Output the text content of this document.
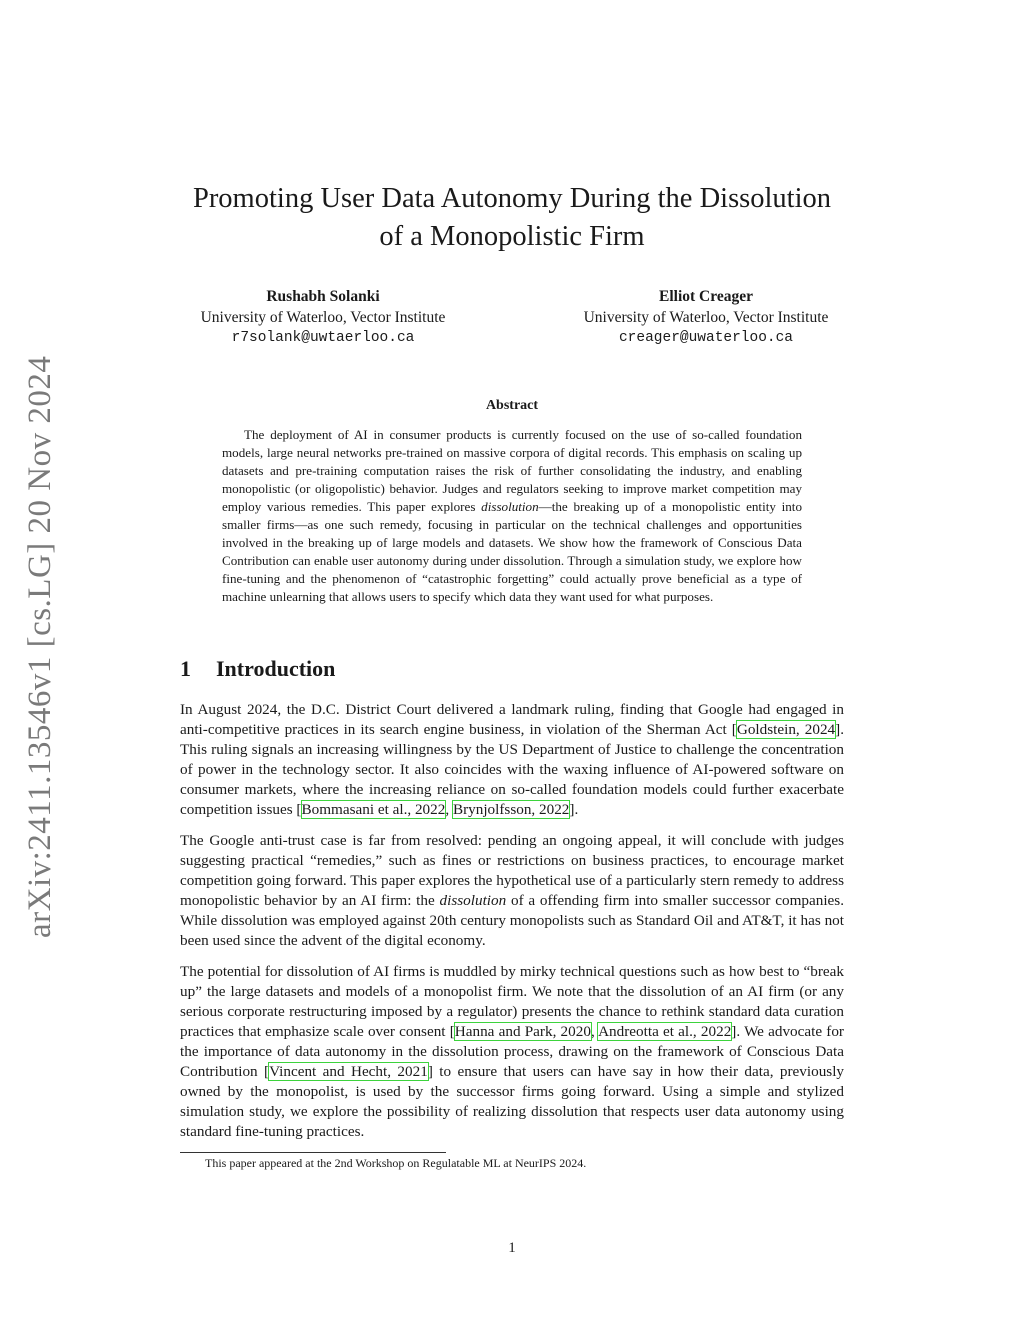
arXiv:2411.13546v1 [cs.LG] 20 Nov 2024
Promoting User Data Autonomy During the Dissolution
of a Monopolistic Firm
Rushabh Solanki
University of Waterloo, Vector Institute
r7solank@uwtaerloo.ca
Elliot Creager
University of Waterloo, Vector Institute
creager@uwaterloo.ca
Abstract
The deployment of AI in consumer products is currently focused on the use of so-called foundation models, large neural networks pre-trained on massive corpora of digital records. This emphasis on scaling up datasets and pre-training computation raises the risk of further consolidating the industry, and enabling monopolistic (or oligopolistic) behavior. Judges and regulators seeking to improve market competition may employ various remedies. This paper explores dissolution—the breaking up of a monopolistic entity into smaller firms—as one such remedy, focusing in particular on the technical challenges and opportunities involved in the breaking up of large models and datasets. We show how the framework of Conscious Data Contribution can enable user autonomy during under dissolution. Through a simulation study, we explore how fine-tuning and the phenomenon of “catastrophic forgetting” could actually prove beneficial as a type of machine unlearning that allows users to specify which data they want used for what purposes.
1 Introduction

In August 2024, the D.C. District Court delivered a landmark ruling, finding that Google had engaged in anti-competitive practices in its search engine business, in violation of the Sherman Act [Goldstein, 2024]. This ruling signals an increasing willingness by the US Department of Justice to challenge the concentration of power in the technology sector. It also coincides with the waxing influence of AI-powered software on consumer markets, where the increasing reliance on so-called foundation models could further exacerbate competition issues [Bommasani et al., 2022, Brynjolfsson, 2022].

The Google anti-trust case is far from resolved: pending an ongoing appeal, it will conclude with judges suggesting practical “remedies,” such as fines or restrictions on business practices, to encourage market competition going forward. This paper explores the hypothetical use of a particularly stern remedy to address monopolistic behavior by an AI firm: the dissolution of a offending firm into smaller successor companies. While dissolution was employed against 20th century monopolists such as Standard Oil and AT&T, it has not been used since the advent of the digital economy.

The potential for dissolution of AI firms is muddled by mirky technical questions such as how best to “break up” the large datasets and models of a monopolist firm. We note that the dissolution of an AI firm (or any serious corporate restructuring imposed by a regulator) presents the chance to rethink standard data curation practices that emphasize scale over consent [Hanna and Park, 2020, Andreotta et al., 2022]. We advocate for the importance of data autonomy in the dissolution process, drawing on the framework of Conscious Data Contribution [Vincent and Hecht, 2021] to ensure that users can have say in how their data, previously owned by the monopolist, is used by the successor firms going forward. Using a simple and stylized simulation study, we explore the possibility of realizing dissolution that respects user data autonomy using standard fine-tuning practices.

This paper appeared at the 2nd Workshop on Regulatable ML at NeurIPS 2024.
1
